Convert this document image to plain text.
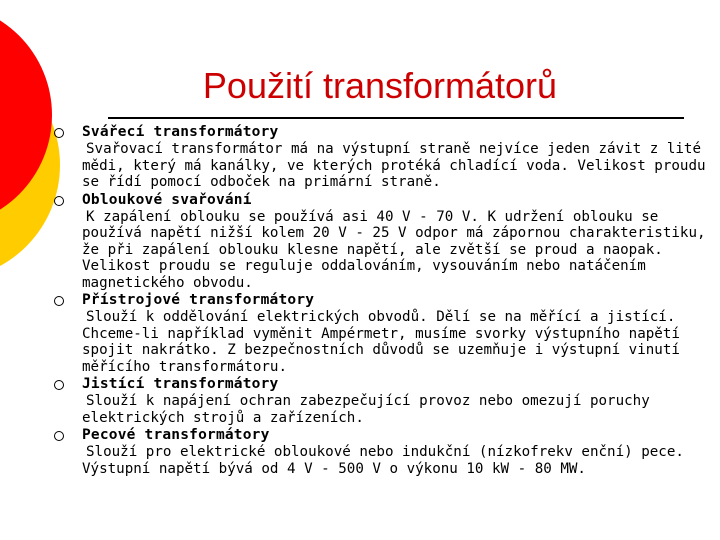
Použití transformátorů
Svářecí transformátory
Svařovací transformátor má na výstupní straně nejvíce jeden závit z lité mědi, který má kanálky, ve kterých protéká chladící voda. Velikost proudu se řídí pomocí odboček na primární straně.
Obloukové svařování
K zapálení oblouku se používá asi 40 V - 70 V. K udržení oblouku se používá napětí nižší kolem 20 V - 25 V odpor má zápornou charakteristiku, že při zapálení oblouku klesne napětí, ale zvětší se proud a naopak. Velikost proudu se reguluje oddalováním, vysouváním nebo natáčením magnetického obvodu.
Přístrojové transformátory
Slouží k oddělování elektrických obvodů. Dělí se na měřící a jistící. Chceme-li například vyměnit Ampérmetr, musíme svorky výstupního napětí spojit nakrátko. Z bezpečnostních důvodů se uzemňuje i výstupní vinutí měřícího transformátoru.
Jistící transformátory
Slouží k napájení ochran zabezpečující provoz nebo omezují poruchy elektrických strojů a zařízeních.
Pecové transformátory
Slouží pro elektrické obloukové nebo indukční (nízkofrekv enční) pece. Výstupní napětí bývá od 4 V - 500 V o výkonu 10 kW - 80 MW.
